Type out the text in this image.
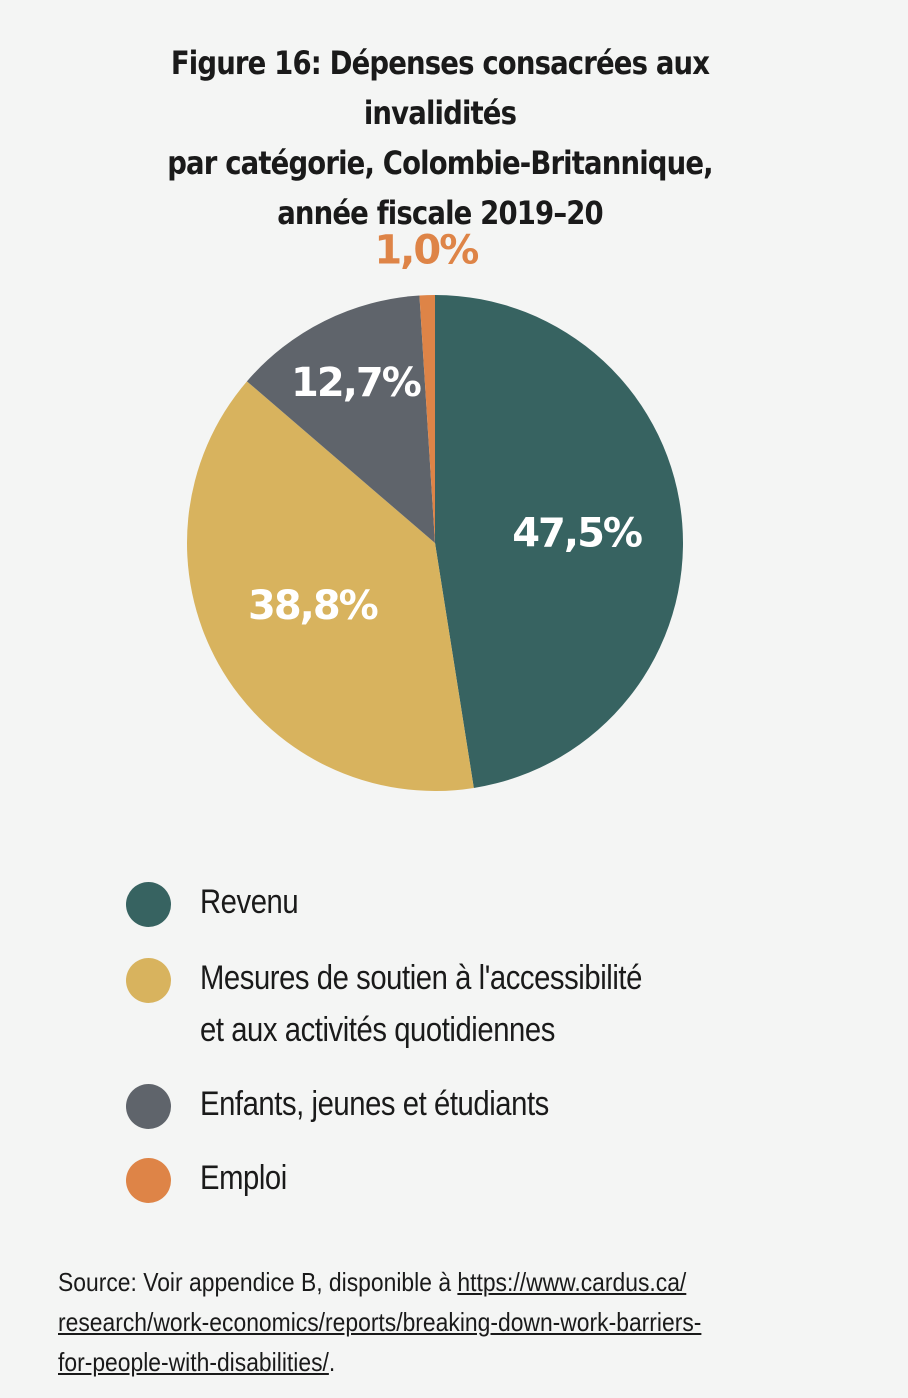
Figure 16: Dépenses consacrées aux invalidités
par catégorie, Colombie-Britannique,
année fiscale 2019–20
47,5%
38,8%
12,7%
1,0%
Revenu
Mesures de soutien à l'accessibilité
et aux activités quotidiennes
Enfants, jeunes et étudiants
Emploi
Source: Voir appendice B, disponible à https://www.cardus.ca/
research/work-economics/reports/breaking-down-work-barriers-
for-people-with-disabilities/.
